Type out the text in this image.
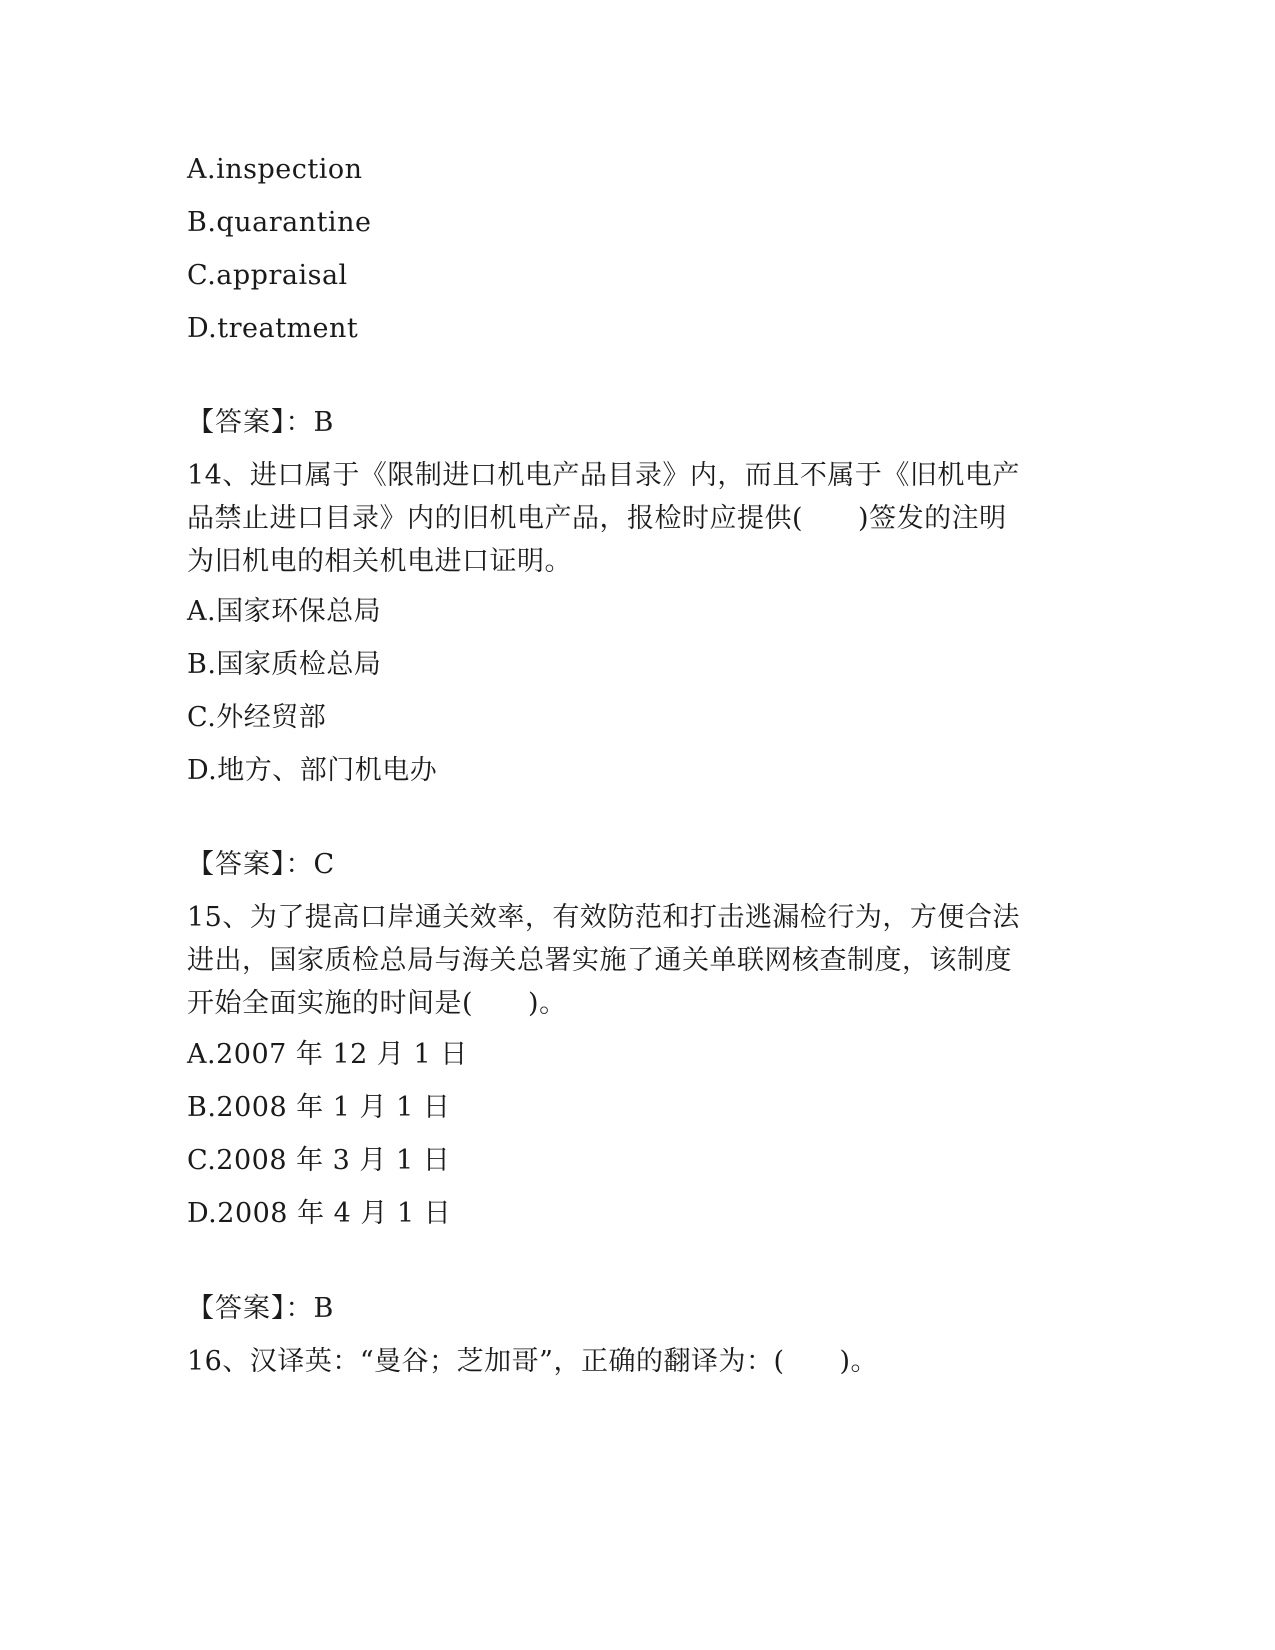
A.inspection
B.quarantine
C.appraisal
D.treatment
【答案】：B
14、进口属于《限制进口机电产品目录》内，而且不属于《旧机电产
品禁止进口目录》内的旧机电产品，报检时应提供(　　)签发的注明
为旧机电的相关机电进口证明。
A.国家环保总局
B.国家质检总局
C.外经贸部
D.地方、部门机电办
【答案】：C
15、为了提高口岸通关效率，有效防范和打击逃漏检行为，方便合法
进出，国家质检总局与海关总署实施了通关单联网核查制度，该制度
开始全面实施的时间是(　　)。
A.2007 年 12 月 1 日
B.2008 年 1 月 1 日
C.2008 年 3 月 1 日
D.2008 年 4 月 1 日
【答案】：B
16、汉译英：“曼谷；芝加哥”，正确的翻译为：(　　)。
